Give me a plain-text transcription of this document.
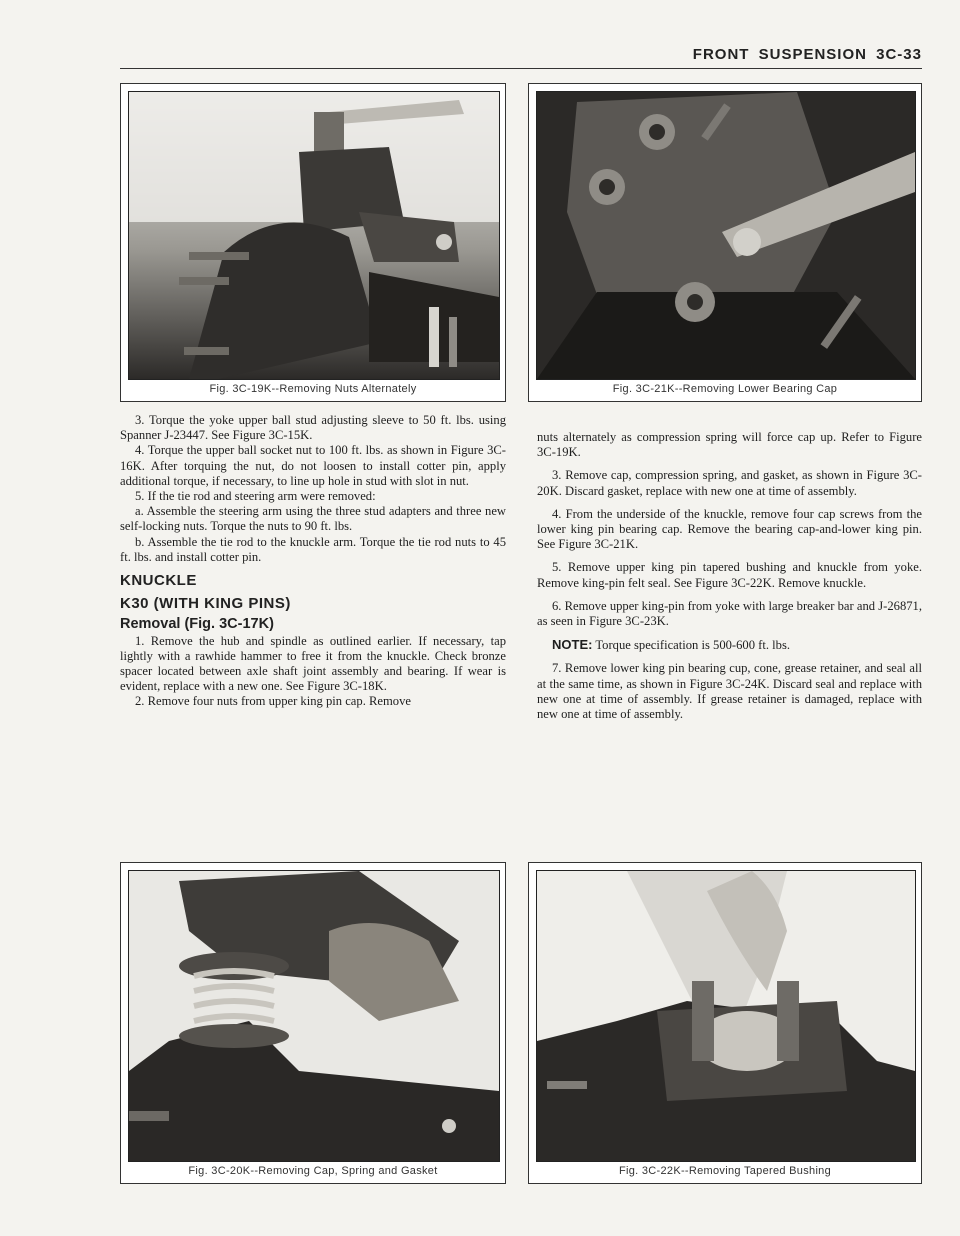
FRONT SUSPENSION 3C-33
Fig. 3C-19K--Removing Nuts Alternately	Fig. 3C-21K--Removing Lower Bearing Cap

3. Torque the yoke upper ball stud adjusting sleeve to 50 ft. lbs. using Spanner J-23447. See Figure 3C-15K.

4. Torque the upper ball socket nut to 100 ft. lbs. as shown in Figure 3C-16K. After torquing the nut, do not loosen to install cotter pin, apply additional torque, if necessary, to line up hole in stud with slot in nut.

5. If the tie rod and steering arm were removed:

a. Assemble the steering arm using the three stud adapters and three new self-locking nuts. Torque the nuts to 90 ft. lbs.

b. Assemble the tie rod to the knuckle arm. Torque the tie rod nuts to 45 ft. lbs. and install cotter pin.

KNUCKLE
K30 (WITH KING PINS)
Removal (Fig. 3C-17K)

1. Remove the hub and spindle as outlined earlier. If necessary, tap lightly with a rawhide hammer to free it from the knuckle. Check bronze spacer located between axle shaft joint assembly and bearing. If wear is evident, replace with a new one. See Figure 3C-18K.

2. Remove four nuts from upper king pin cap. Remove

nuts alternately as compression spring will force cap up. Refer to Figure 3C-19K.

3. Remove cap, compression spring, and gasket, as shown in Figure 3C-20K. Discard gasket, replace with new one at time of assembly.

4. From the underside of the knuckle, remove four cap screws from the lower king pin bearing cap. Remove the bearing cap-and-lower king pin. See Figure 3C-21K.

5. Remove upper king pin tapered bushing and knuckle from yoke. Remove king-pin felt seal. See Figure 3C-22K. Remove knuckle.

6. Remove upper king-pin from yoke with large breaker bar and J-26871, as seen in Figure 3C-23K.

NOTE: Torque specification is 500-600 ft. lbs.

7. Remove lower king pin bearing cup, cone, grease retainer, and seal all at the same time, as shown in Figure 3C-24K. Discard seal and replace with new one at time of assembly. If grease retainer is damaged, replace with new one at time of assembly.

Fig. 3C-20K--Removing Cap, Spring and Gasket	Fig. 3C-22K--Removing Tapered Bushing
